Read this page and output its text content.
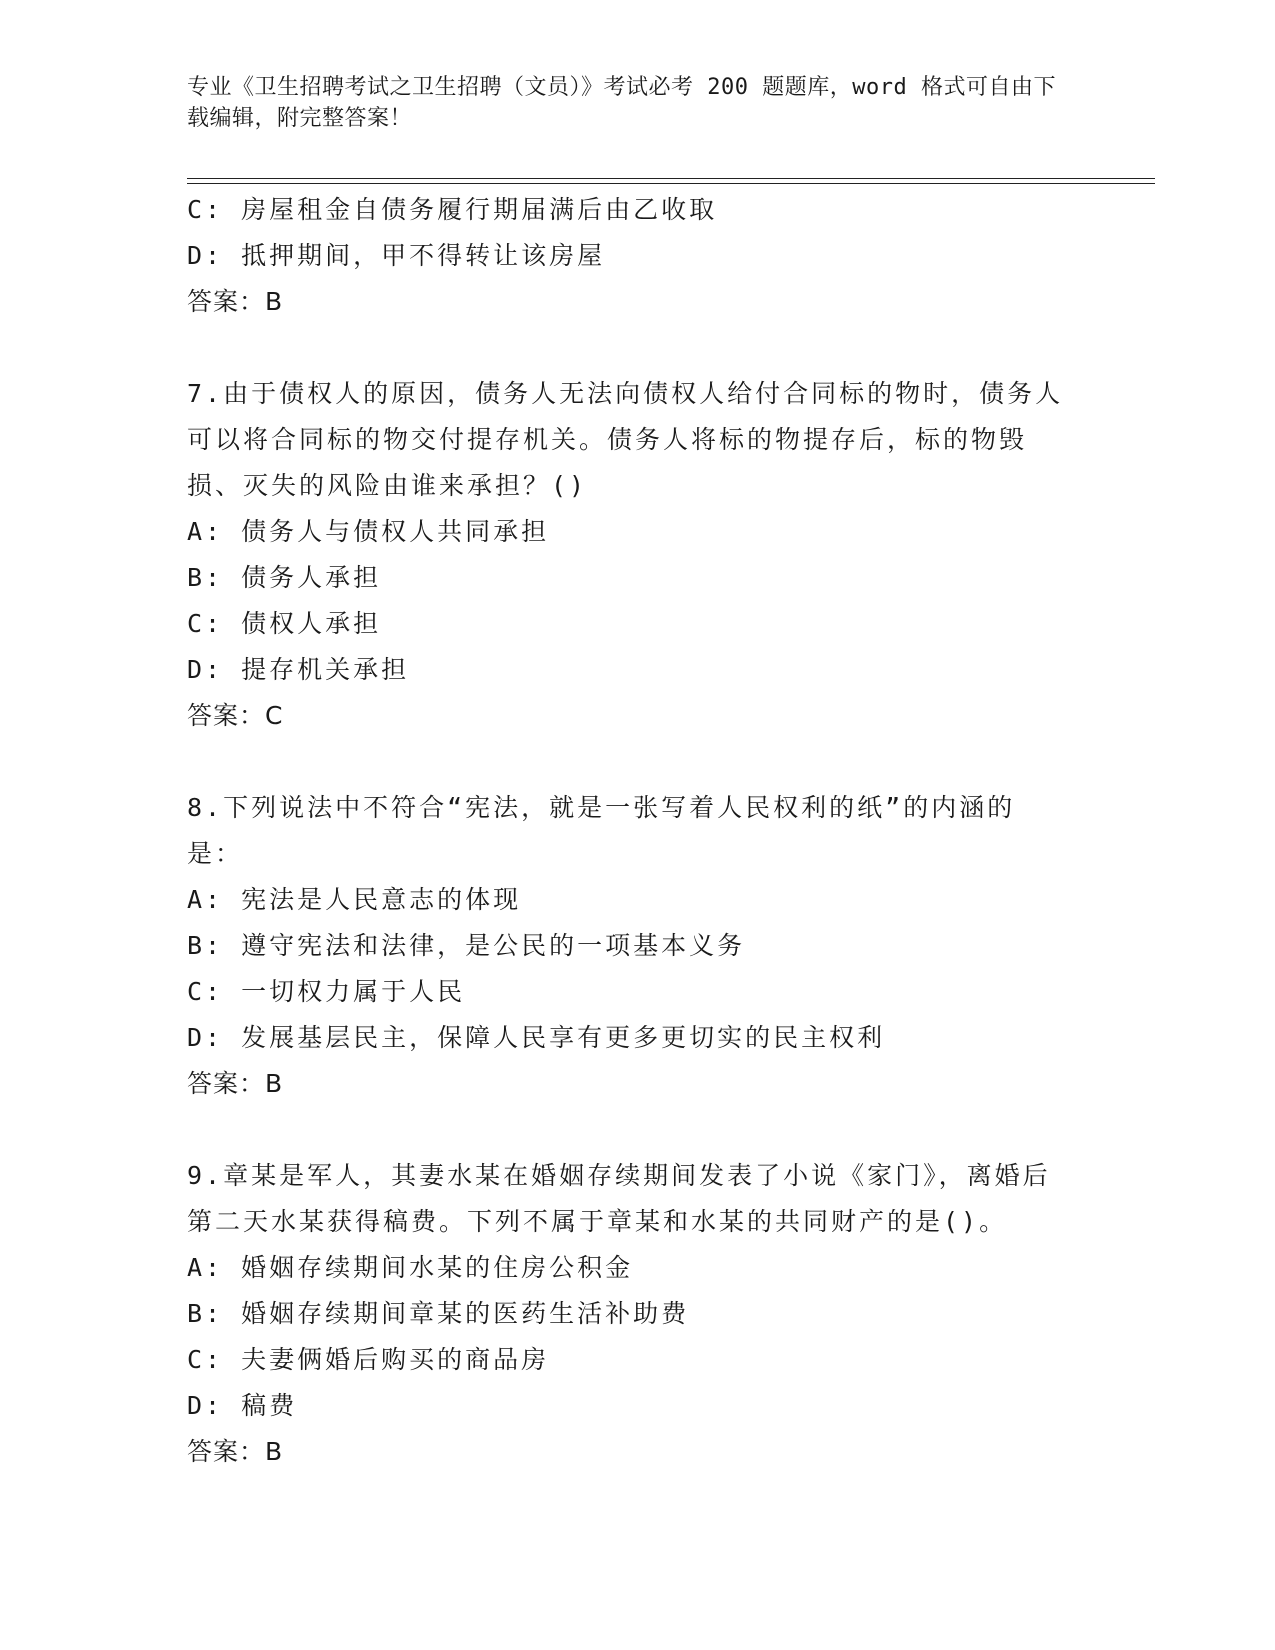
专业《卫生招聘考试之卫生招聘（文员）》考试必考 200 题题库，word 格式可自由下载编辑，附完整答案！
C: 房屋租金自债务履行期届满后由乙收取
D: 抵押期间，甲不得转让该房屋
答案：B
7.由于债权人的原因，债务人无法向债权人给付合同标的物时，债务人可以将合同标的物交付提存机关。债务人将标的物提存后，标的物毁损、灭失的风险由谁来承担？()
A: 债务人与债权人共同承担
B: 债务人承担
C: 债权人承担
D: 提存机关承担
答案：C
8.下列说法中不符合“宪法，就是一张写着人民权利的纸”的内涵的是：
A: 宪法是人民意志的体现
B: 遵守宪法和法律，是公民的一项基本义务
C: 一切权力属于人民
D: 发展基层民主，保障人民享有更多更切实的民主权利
答案：B
9.章某是军人，其妻水某在婚姻存续期间发表了小说《家门》，离婚后第二天水某获得稿费。下列不属于章某和水某的共同财产的是()。
A: 婚姻存续期间水某的住房公积金
B: 婚姻存续期间章某的医药生活补助费
C: 夫妻俩婚后购买的商品房
D: 稿费
答案：B
